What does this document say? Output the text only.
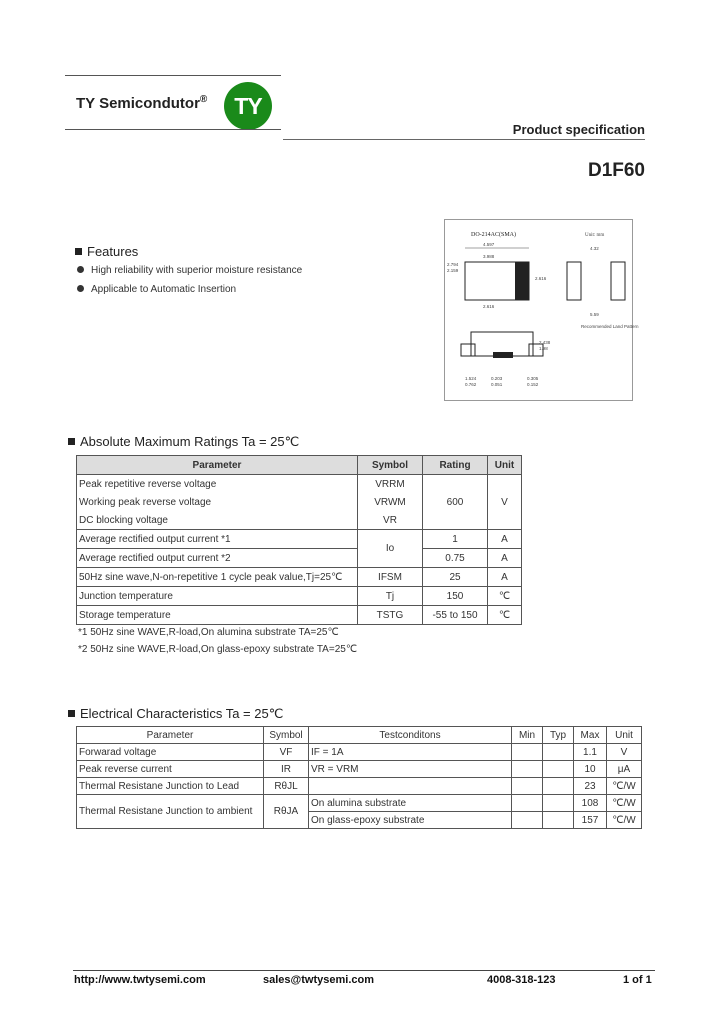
TY Semicondutor®	TY
Product specification
D1F60
DO-214AC(SMA)	Unit: mm
4.597
3.988
2.794
2.159
2.616
2.616
4.32
5.59
Recommended Land Pattern
2.438
1.98
1.524
0.762
0.203
0.051
0.305
0.152
Features
High reliability with superior moisture resistance
Applicable to Automatic Insertion
Absolute Maximum Ratings Ta = 25℃
Parameter	Symbol	Rating	Unit
Peak repetitive reverse voltage	VRRM	600	V
Working peak reverse voltage	VRWM		
DC blocking voltage	VR		
Average rectified output current *1	Io	1	A
Average rectified output current *2		0.75	A
50Hz sine wave,N-on-repetitive 1 cycle peak value,Tj=25℃	IFSM	25	A
Junction temperature	Tj	150	℃
Storage temperature	TSTG	-55 to 150	℃
*1 50Hz sine WAVE,R-load,On alumina substrate TA=25℃
*2 50Hz sine WAVE,R-load,On glass-epoxy substrate TA=25℃
Electrical Characteristics Ta = 25℃
Parameter	Symbol	Testconditons	Min	Typ	Max	Unit
Forwarad voltage	VF	IF = 1A			1.1	V
Peak reverse current	IR	VR = VRM			10	μA
Thermal Resistane Junction to Lead	RθJL				23	℃/W
Thermal Resistane Junction to ambient	RθJA	On alumina substrate			108	℃/W
		On glass-epoxy substrate			157	℃/W
http://www.twtysemi.com	sales@twtysemi.com	4008-318-123	1 of 1
